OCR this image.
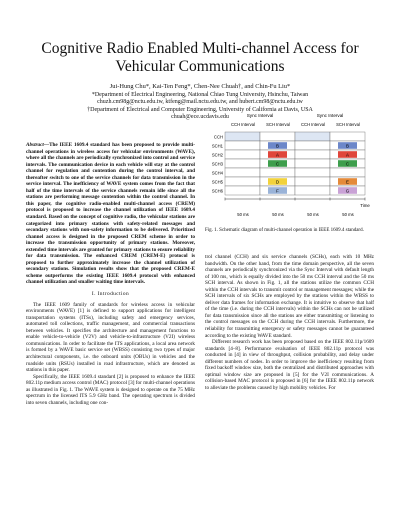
Cognitive Radio Enabled Multi-channel Access for Vehicular Communications
Jui-Hung Chu*, Kai-Ten Feng*, Chen-Nee Chuah†, and Chin-Fu Liu*
*Department of Electrical Engineering, National Chiao Tung University, Hsinchu, Taiwan
chuzh.cm98g@nctu.edu.tw, ktfeng@mail.nctu.edu.tw, and hubert.cm98@nctu.edu.tw
†Department of Electrical and Computer Engineering, University of California at Davis, USA
chuah@ece.ucdavis.edu
Abstract—The IEEE 1609.4 standard has been proposed to provide multi-channel operations in wireless access for vehicular environments (WAVE), where all the channels are periodically synchronized into control and service intervals. The communication device in each vehicle will stay at the control channel for regulation and contention during the control interval, and thereafter switch to one of the service channels for data transmission in the service interval. The inefficiency of WAVE system comes from the fact that half of the time intervals of the service channels remain idle since all the stations are performing message contention within the control channel. In this paper, the cognitive radio-enabled multi-channel access (CREM) protocol is proposed to increase the channel utilization of IEEE 1609.4 standard. Based on the concept of cognitive radio, the vehicular stations are categorized into primary stations with safety-related messages and secondary stations with non-safety information to be delivered. Prioritized channel access is designed in the proposed CREM scheme in order to increase the transmission opportunity of primary stations. Moreover, extended time intervals are granted for primary stations to ensure reliability for data transmission. The enhanced CREM (CREM-E) protocol is proposed to further approximately increase the channel utilization of secondary stations. Simulation results show that the proposed CREM-E scheme outperforms the existing IEEE 1609.4 protocol with enhanced channel utilization and smaller waiting time intervals.
I. Introduction

The IEEE 1609 family of standards for wireless access in vehicular environments (WAVE) [1] is defined to support applications for intelligent transportation systems (ITSs), including safety and emergency services, automated toll collections, traffic management, and commercial transactions between vehicles. It specifies the architecture and management functions to enable vehicle-to-vehicle (V2V) and vehicle-to-infrastructure (V2I) wireless communications. In order to facilitate the ITS applications, a local area network is formed by a WAVE basic service set (WBSS) consisting two types of major architectural components, i.e. the onboard units (OBUs) in vehicles and the roadside units (RSUs) installed in road infrastructure, which are denoted as stations in this paper.

Specifically, the IEEE 1609.4 standard [2] is proposed to enhance the IEEE 802.11p medium access control (MAC) protocol [3] for multi-channel operations as illustrated in Fig. 1. The WAVE system is designed to operate on the 75 MHz spectrum in the licensed ITS 5.9 GHz band. The operating spectrum is divided into seven channels, including one con-

Sync Interval	Sync Interval
CCH Interval	SCH Interval	CCH Interval	SCH Interval
CCH
SCH1
SCH2
SCH3
SCH4
SCH5
SCH6
B	B
A	A
C	C
D	E
F	G
Time
50 ms	50 ms	50 ms	50 ms
Fig. 1. Schematic diagram of multi-channel operation in IEEE 1609.4 standard.

trol channel (CCH) and six service channels (SCHs), each with 10 MHz bandwidth. On the other hand, from the time domain perspective, all the seven channels are periodically synchronized via the Sync Interval with default length of 100 ms, which is equally divided into the 50 ms CCH interval and the 50 ms SCH interval. As shown in Fig. 1, all the stations utilize the common CCH within the CCH intervals to transmit control or management messages; while the SCH intervals of six SCHs are employed by the stations within the WBSS to deliver data frames for information exchange. It is intuitive to observe that half of the time (i.e. during the CCH intervals) within the SCHs can not be utilized for data transmission since all the stations are either transmitting or listening to the control messages on the CCH during the CCH intervals. Furthermore, the reliability for transmitting emergency or safety messages cannot be guaranteed according to the existing WAVE standard.

Different research work has been proposed based on the IEEE 802.11p/1609 standards [4–8]. Performance evaluation of IEEE 802.11p protocol was conducted in [4] in view of throughput, collision probability, and delay under different numbers of nodes. In order to improve the inefficiency resulting from fixed backoff window size, both the centralized and distributed approaches with optimal window size are proposed in [5] for the V2I communications. A collision-based MAC protocol is proposed in [6] for the IEEE 802.11p network to alleviate the problems caused by high mobility vehicles. For
